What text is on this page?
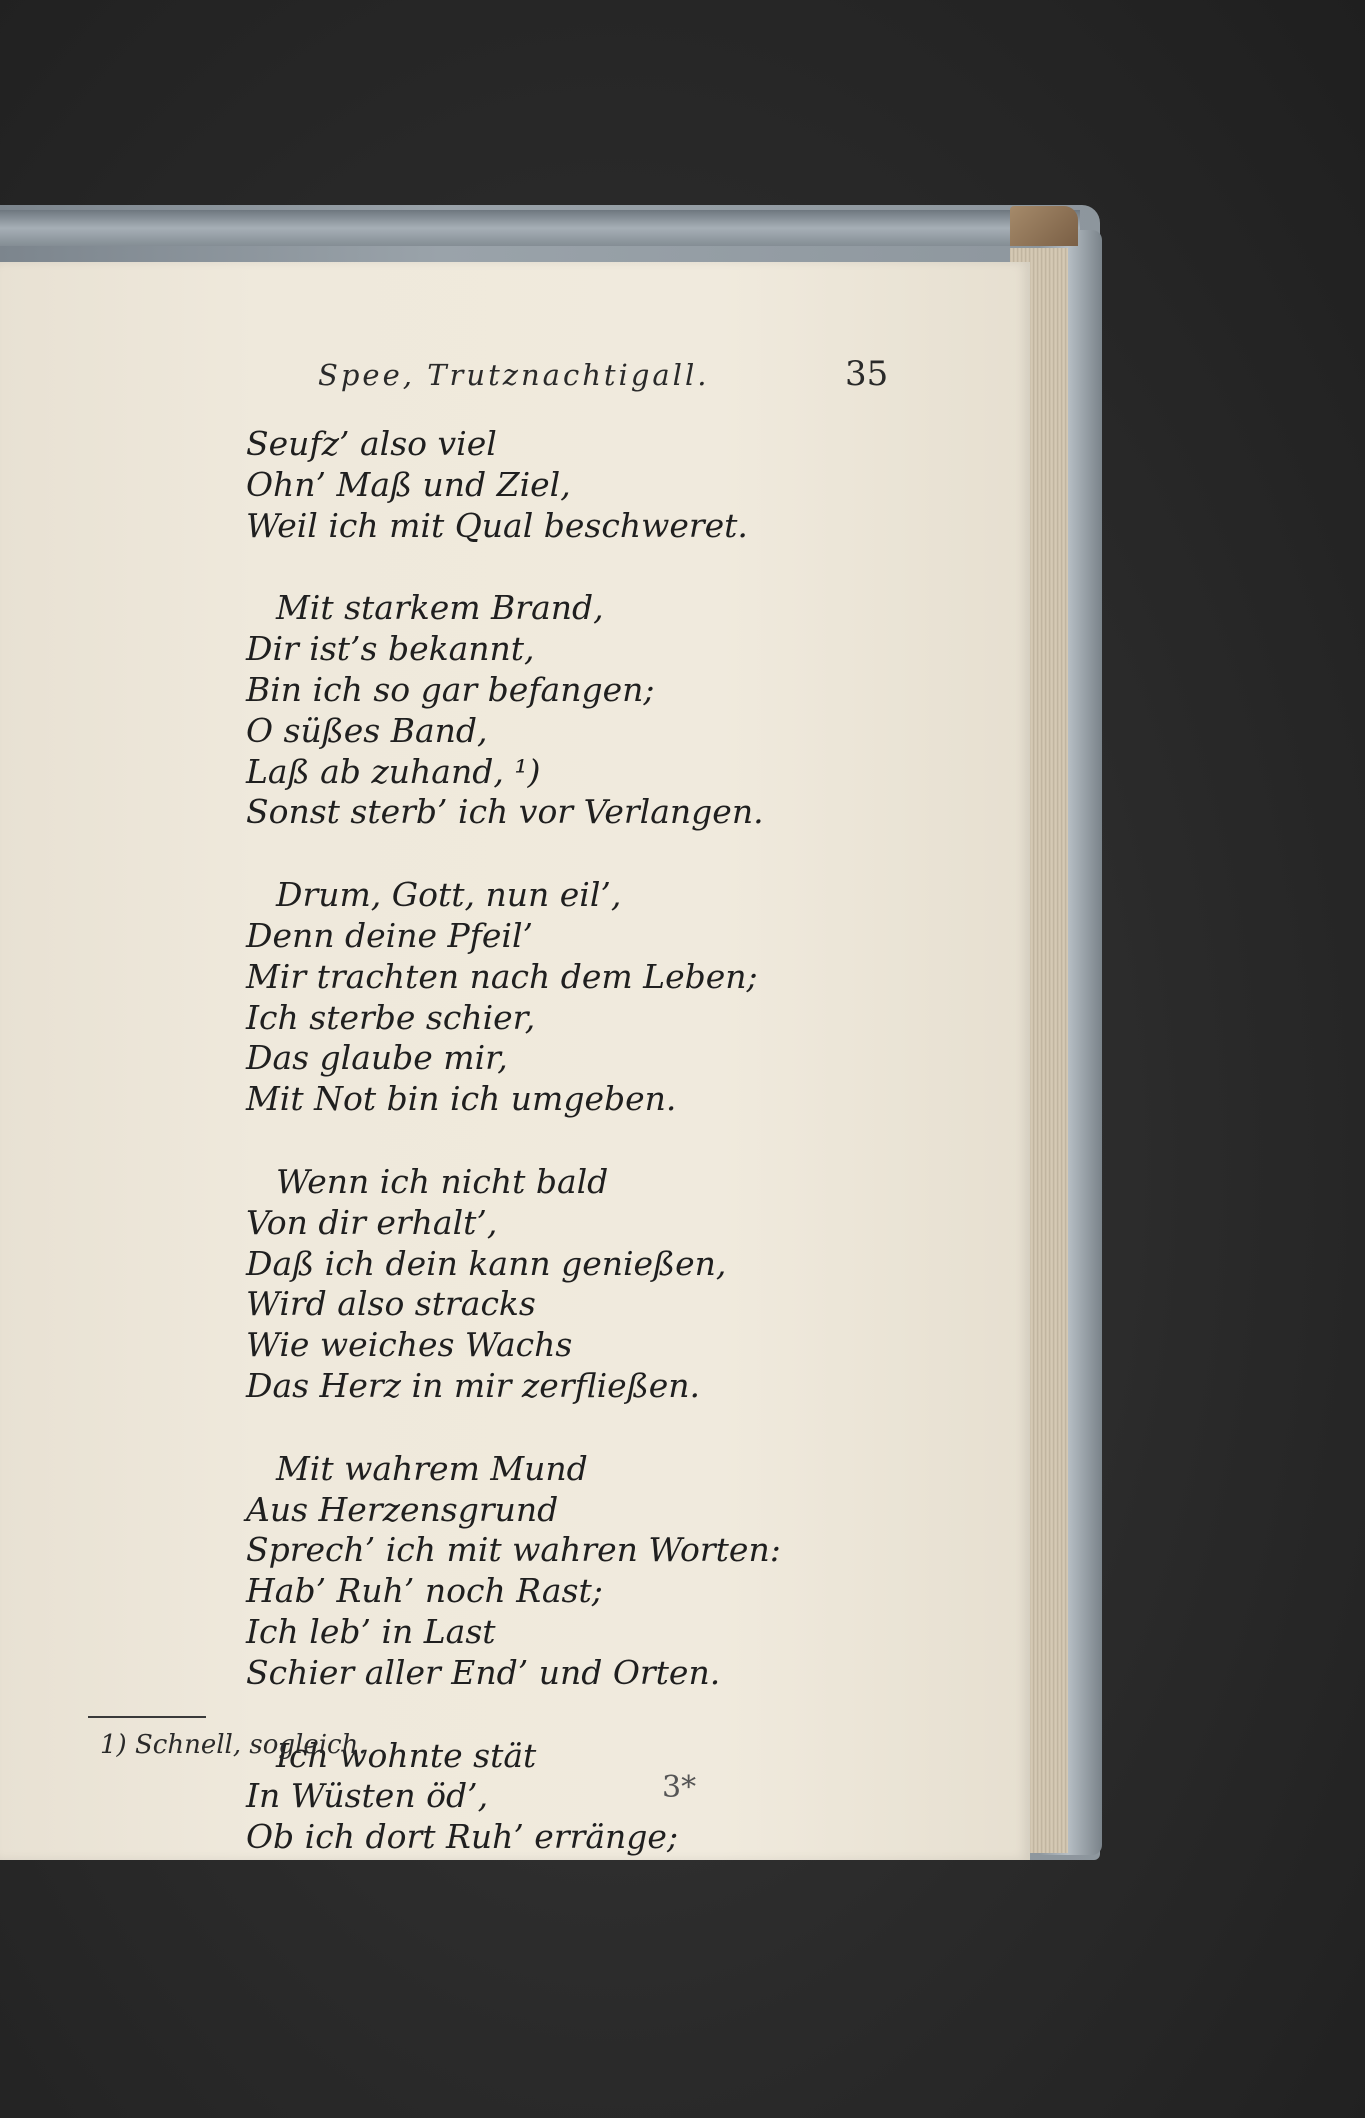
Spee, Trutznachtigall.	35
Seufz’ also viel
Ohn’ Maß und Ziel,
Weil ich mit Qual beschweret.
Mit starkem Brand,
Dir ist’s bekannt,
Bin ich so gar befangen;
O süßes Band,
Laß ab zuhand, ¹)
Sonst sterb’ ich vor Verlangen.
Drum, Gott, nun eil’,
Denn deine Pfeil’
Mir trachten nach dem Leben;
Ich sterbe schier,
Das glaube mir,
Mit Not bin ich umgeben.
Wenn ich nicht bald
Von dir erhalt’,
Daß ich dein kann genießen,
Wird also stracks
Wie weiches Wachs
Das Herz in mir zerfließen.
Mit wahrem Mund
Aus Herzensgrund
Sprech’ ich mit wahren Worten:
Hab’ Ruh’ noch Rast;
Ich leb’ in Last
Schier aller End’ und Orten.
Ich wohnte stät
In Wüsten öd’,
Ob ich dort Ruh’ erränge;
1) Schnell, sogleich.
3*
